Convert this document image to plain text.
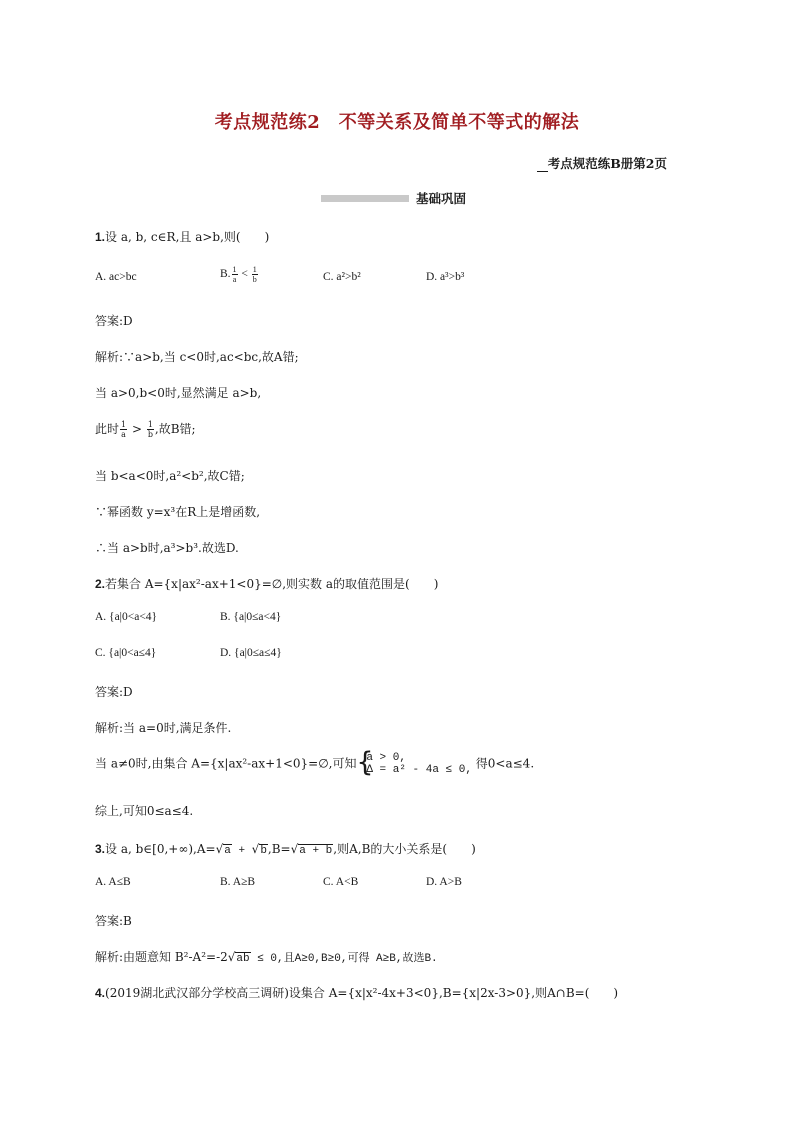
考点规范练2　不等关系及简单不等式的解法
考点规范练B册第2页
基础巩固
1.设 a, b, c∈R,且 a>b,则(　　)
A. ac>bc	B. $\frac{1}{a} < \frac{1}{b}$	C. a²>b²	D. a³>b³
答案:D
解析:∵a>b,当 c<0时,ac<bc,故A错;
当 a>0,b<0时,显然满足 a>b,
此时 $\frac{1}{a} > \frac{1}{b}$ ,故B错;
当 b<a<0时,a²<b²,故C错;
∵幂函数 y=x³在R上是增函数,
∴当 a>b时,a³>b³.故选D.
2.若集合 A={x|ax²-ax+1<0}=∅,则实数 a的取值范围是(　　)
A. {a|0<a<4}	B. {a|0≤a<4}
C. {a|0<a≤4}	D. {a|0≤a≤4}
答案:D
解析:当 a=0时,满足条件.
当 a≠0时,由集合 A={x|ax²-ax+1<0}=∅,可知 { a > 0,
Δ = a² - 4a ≤ 0, 得0<a≤4.
综上,可知0≤a≤4.
3.设 a, b∈[0,+∞),A=√a + √b,B=√a + b,则A,B的大小关系是(　　)
A. A≤B	B. A≥B	C. A<B	D. A>B
答案:B
解析:由题意知 B²-A²=-2√ab ≤ 0,且A≥0,B≥0,可得 A≥B,故选B.
4.(2019湖北武汉部分学校高三调研)设集合 A={x|x²-4x+3<0},B={x|2x-3>0},则A∩B=(　　)
